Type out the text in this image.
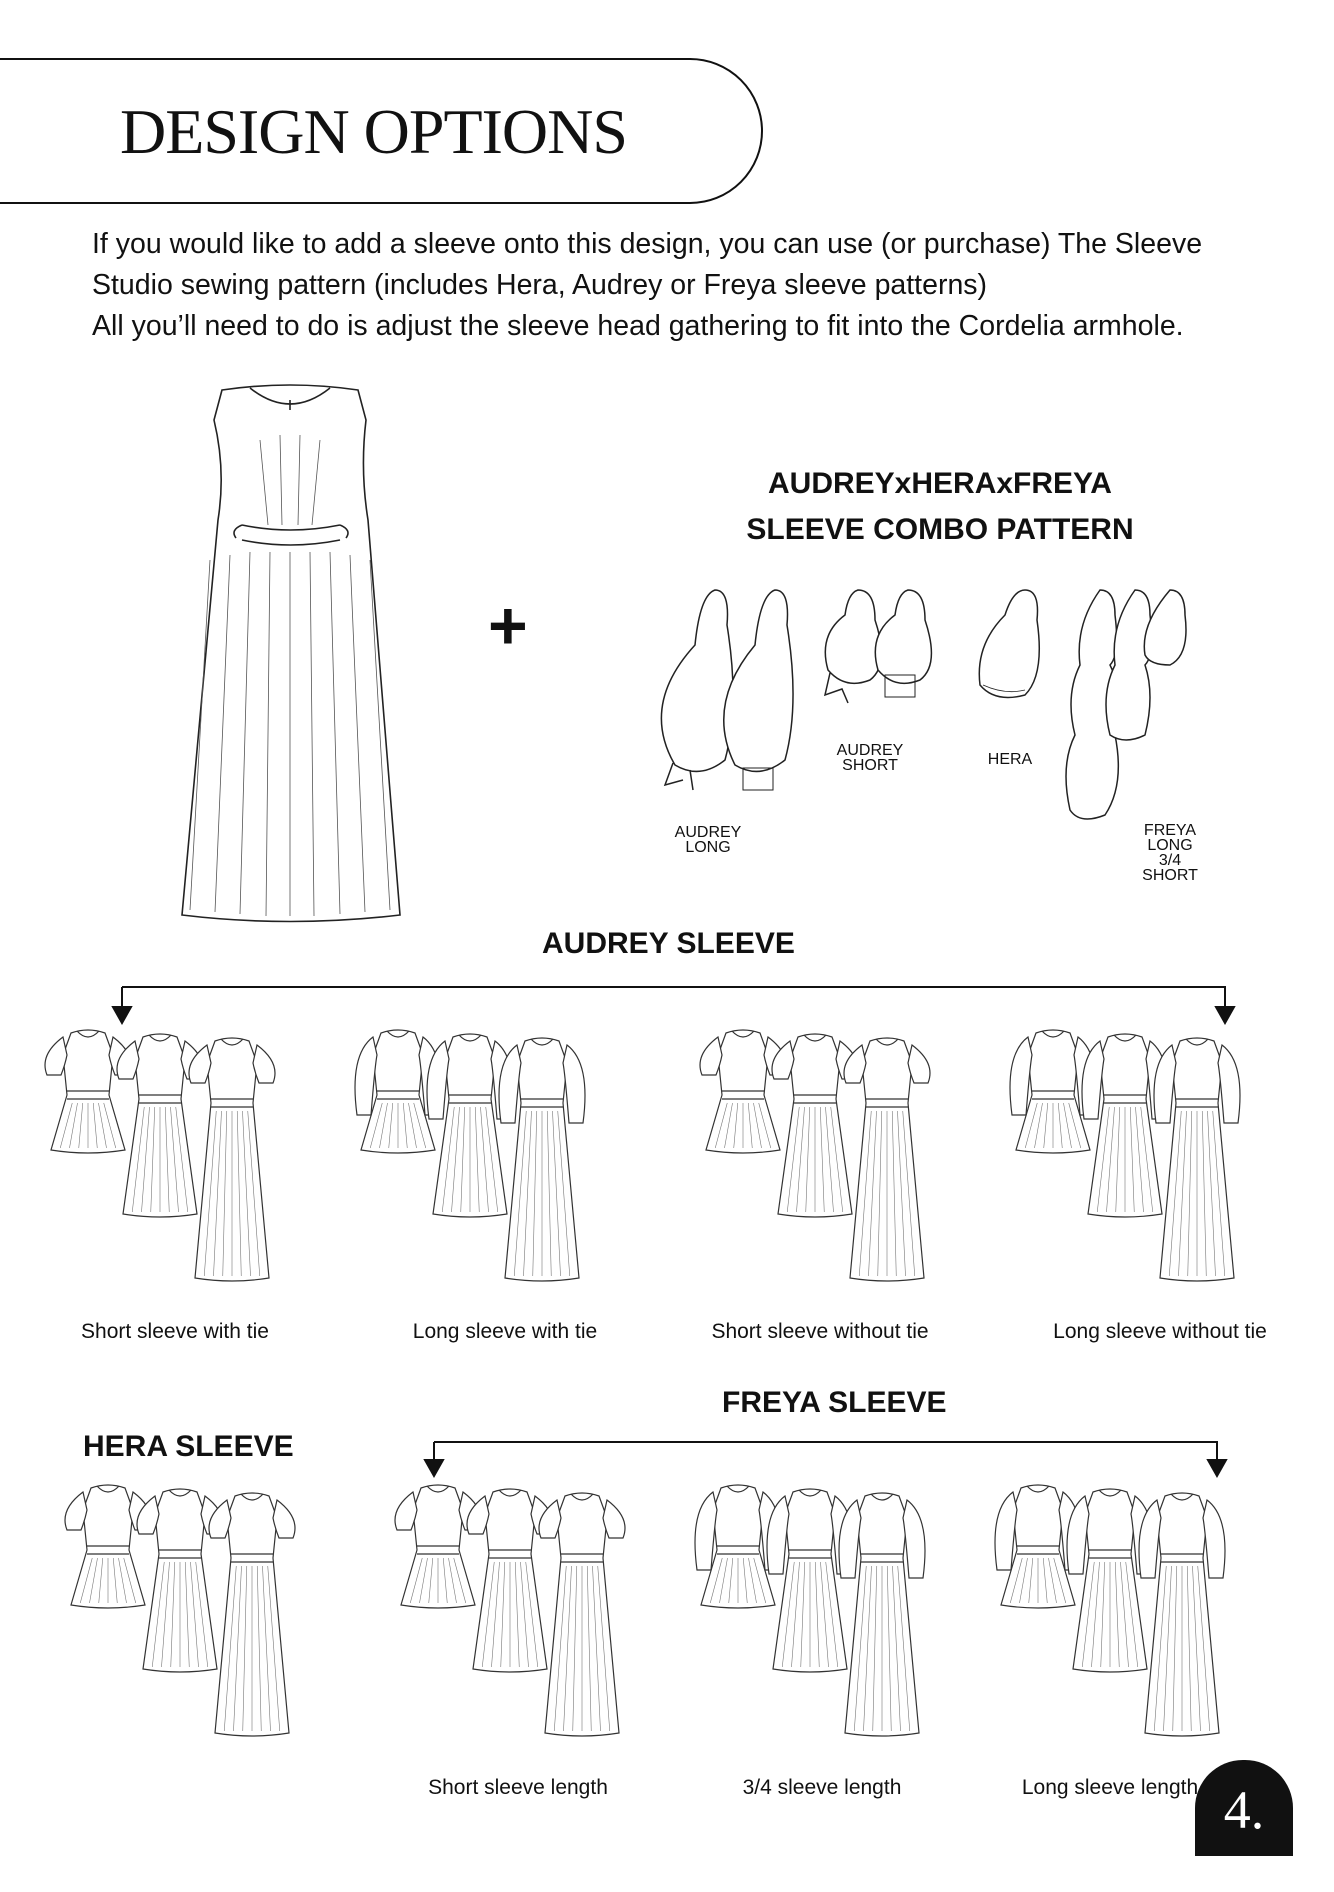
DESIGN OPTIONS

If you would like to add a sleeve onto this design, you can use (or purchase) The Sleeve

Studio sewing pattern (includes Hera, Audrey or Freya sleeve patterns)

All you’ll need to do is adjust the sleeve head gathering to fit into the Cordelia armhole.

+
AUDREYxHERAxFREYA
SLEEVE COMBO PATTERN
AUDREY
LONG
AUDREY
SHORT	HERA
FREYA
LONG
3/4
SHORT
AUDREY SLEEVE
Short sleeve with tie	Long sleeve with tie	Short sleeve without tie	Long sleeve without tie
FREYA SLEEVE
HERA SLEEVE
Short sleeve length	3/4 sleeve length	Long sleeve length 4.
